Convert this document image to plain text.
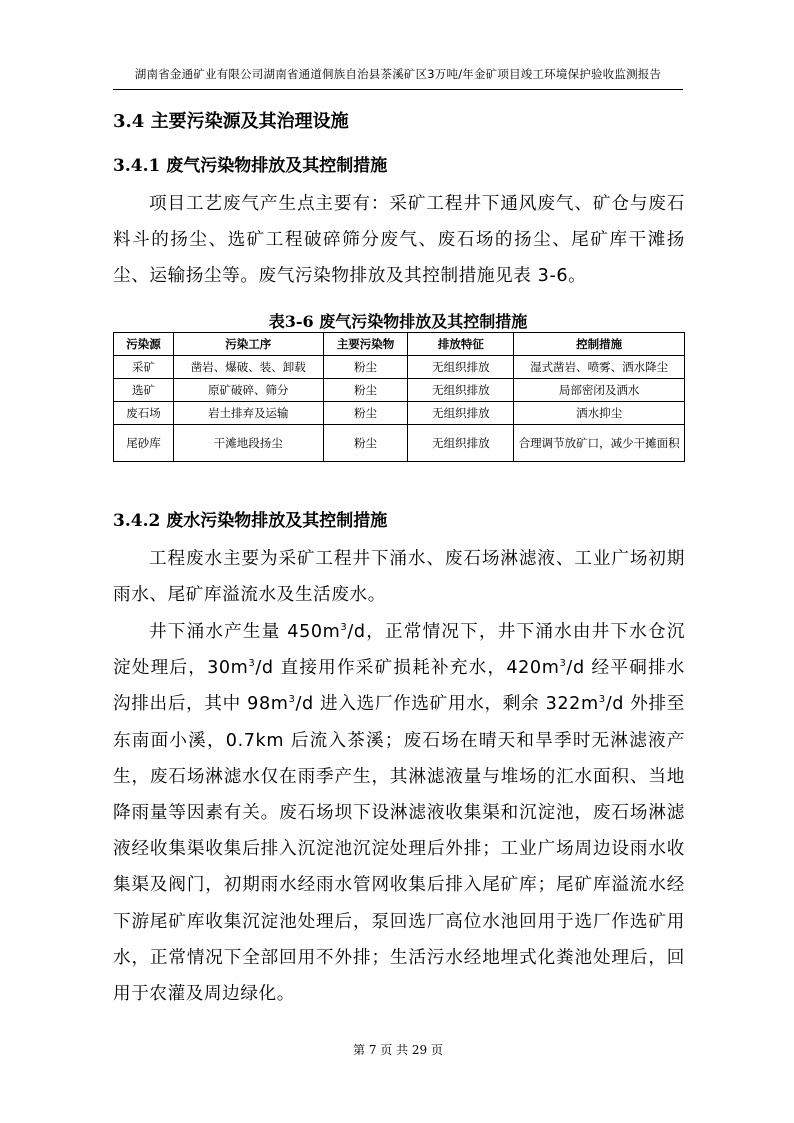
湖南省金通矿业有限公司湖南省通道侗族自治县茶溪矿区3万吨/年金矿项目竣工环境保护验收监测报告
3.4 主要污染源及其治理设施
3.4.1 废气污染物排放及其控制措施
项目工艺废气产生点主要有：采矿工程井下通风废气、矿仓与废石料斗的扬尘、选矿工程破碎筛分废气、废石场的扬尘、尾矿库干滩扬尘、运输扬尘等。废气污染物排放及其控制措施见表 3-6。
表3-6 废气污染物排放及其控制措施
污染源	污染工序	主要污染物	排放特征	控制措施
采矿	凿岩、爆破、装、卸载	粉尘	无组织排放	湿式凿岩、喷雾、洒水降尘
选矿	原矿破碎、筛分	粉尘	无组织排放	局部密闭及洒水
废石场	岩土排弃及运输	粉尘	无组织排放	洒水抑尘
尾砂库	干滩地段扬尘	粉尘	无组织排放	合理调节放矿口，减少干摊面积
3.4.2 废水污染物排放及其控制措施
工程废水主要为采矿工程井下涌水、废石场淋滤液、工业广场初期雨水、尾矿库溢流水及生活废水。
井下涌水产生量 $450m^3/d$，正常情况下，井下涌水由井下水仓沉淀处理后，$30m^3/d$ 直接用作采矿损耗补充水，$420m^3/d$ 经平硐排水沟排出后，其中 $98m^3/d$ 进入选厂作选矿用水，剩余 $322m^3/d$ 外排至东南面小溪，0.7km 后流入茶溪；废石场在晴天和旱季时无淋滤液产生，废石场淋滤水仅在雨季产生，其淋滤液量与堆场的汇水面积、当地降雨量等因素有关。废石场坝下设淋滤液收集渠和沉淀池，废石场淋滤液经收集渠收集后排入沉淀池沉淀处理后外排；工业广场周边设雨水收集渠及阀门，初期雨水经雨水管网收集后排入尾矿库；尾矿库溢流水经下游尾矿库收集沉淀池处理后，泵回选厂高位水池回用于选厂作选矿用水，正常情况下全部回用不外排；生活污水经地埋式化粪池处理后，回用于农灌及周边绿化。
第 7 页 共 29 页
